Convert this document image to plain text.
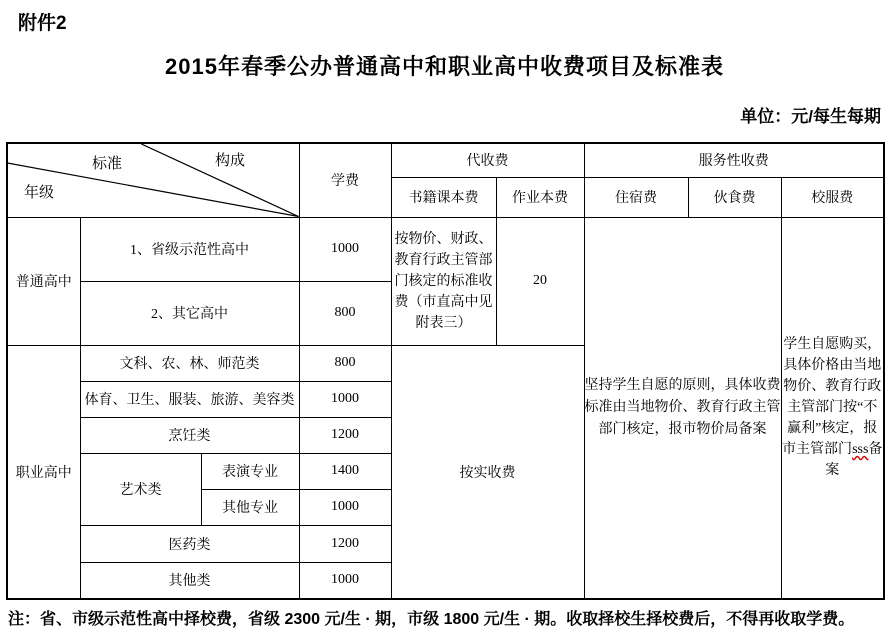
附件2
2015年春季公办普通高中和职业高中收费项目及标准表
单位：元/每生每期
标准 构成
年级			学费	代收费		服务性收费		
				书籍课本费	作业本费	住宿费	伙食费	校服费
普通高中	1、省级示范性高中		1000	按物价、财政、教育行政主管部门核定的标准收费（市直高中见附表三）	20	坚持学生自愿的原则，具体收费标准由当地物价、教育行政主管部门核定，报市物价局备案		学生自愿购买，具体价格由当地物价、教育行政主管部门按“不赢利”核定，报市主管部门sss备案
	2、其它高中		800					
职业高中	文科、农、林、师范类		800	按实收费				
	体育、卫生、服装、旅游、美容类		1000					
	烹饪类		1200					
	艺术类	表演专业	1400					
		其他专业	1000					
	医药类		1200					
	其他类		1000					
注：省、市级示范性高中择校费，省级 2300 元/生 · 期，市级 1800 元/生 · 期。收取择校生择校费后，不得再收取学费。
